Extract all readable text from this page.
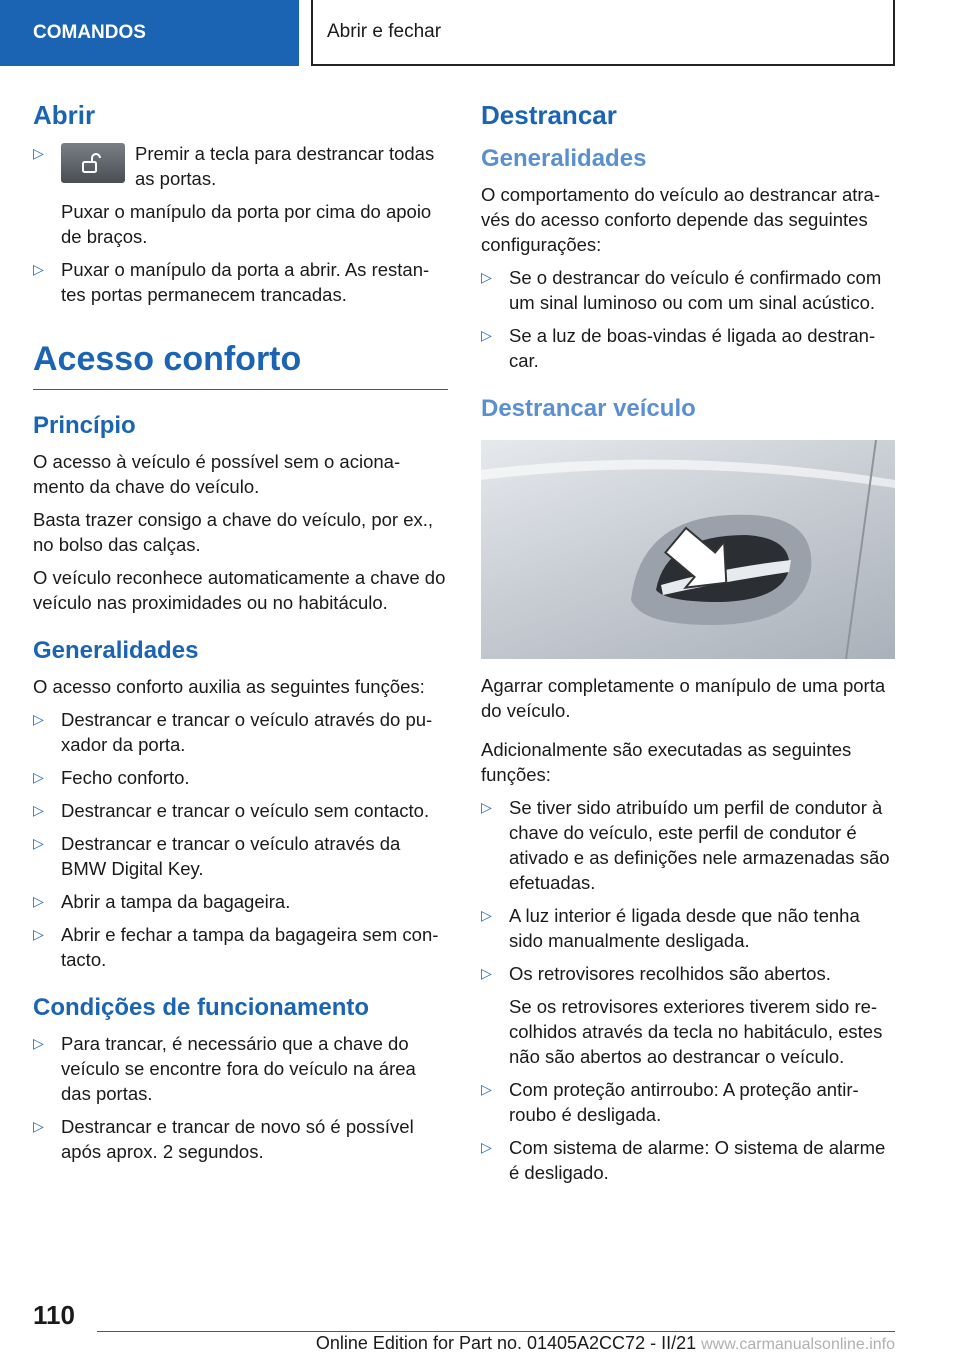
COMANDOS	Abrir e fechar
Abrir
▷	Premir a tecla para destrancar todas as portas.

Puxar o manípulo da porta por cima do apoio de braços.

▷ Puxar o manípulo da porta a abrir. As restan‐tes portas permanecem trancadas.
Acesso conforto
Princípio

O acesso à veículo é possível sem o aciona‐mento da chave do veículo.

Basta trazer consigo a chave do veículo, por ex., no bolso das calças.

O veículo reconhece automaticamente a chave do veículo nas proximidades ou no habitáculo.

Generalidades

O acesso conforto auxilia as seguintes funções:

▷ Destrancar e trancar o veículo através do pu‐xador da porta.
▷ Fecho conforto.
▷ Destrancar e trancar o veículo sem contacto.
▷ Destrancar e trancar o veículo através da BMW Digital Key.
▷ Abrir a tampa da bagageira.
▷ Abrir e fechar a tampa da bagageira sem con‐tacto.
Condições de funcionamento
▷ Para trancar, é necessário que a chave do veículo se encontre fora do veículo na área das portas.
▷ Destrancar e trancar de novo só é possível após aprox. 2 segundos.
Destrancar
Generalidades

O comportamento do veículo ao destrancar atra‐vés do acesso conforto depende das seguintes configurações:

▷ Se o destrancar do veículo é confirmado com um sinal luminoso ou com um sinal acústico.
▷ Se a luz de boas-vindas é ligada ao destran‐car.
Destrancar veículo

Agarrar completamente o manípulo de uma porta do veículo.

Adicionalmente são executadas as seguintes funções:

▷ Se tiver sido atribuído um perfil de condutor à chave do veículo, este perfil de condutor é ativado e as definições nele armazenadas são efetuadas.
▷ A luz interior é ligada desde que não tenha sido manualmente desligada.
▷ Os retrovisores recolhidos são abertos.

Se os retrovisores exteriores tiverem sido re‐colhidos através da tecla no habitáculo, estes não são abertos ao destrancar o veículo.

▷ Com proteção antirroubo: A proteção antir‐roubo é desligada.
▷ Com sistema de alarme: O sistema de alarme é desligado.
110
Online Edition for Part no. 01405A2CC72 - II/21 www.carmanualsonline.info
